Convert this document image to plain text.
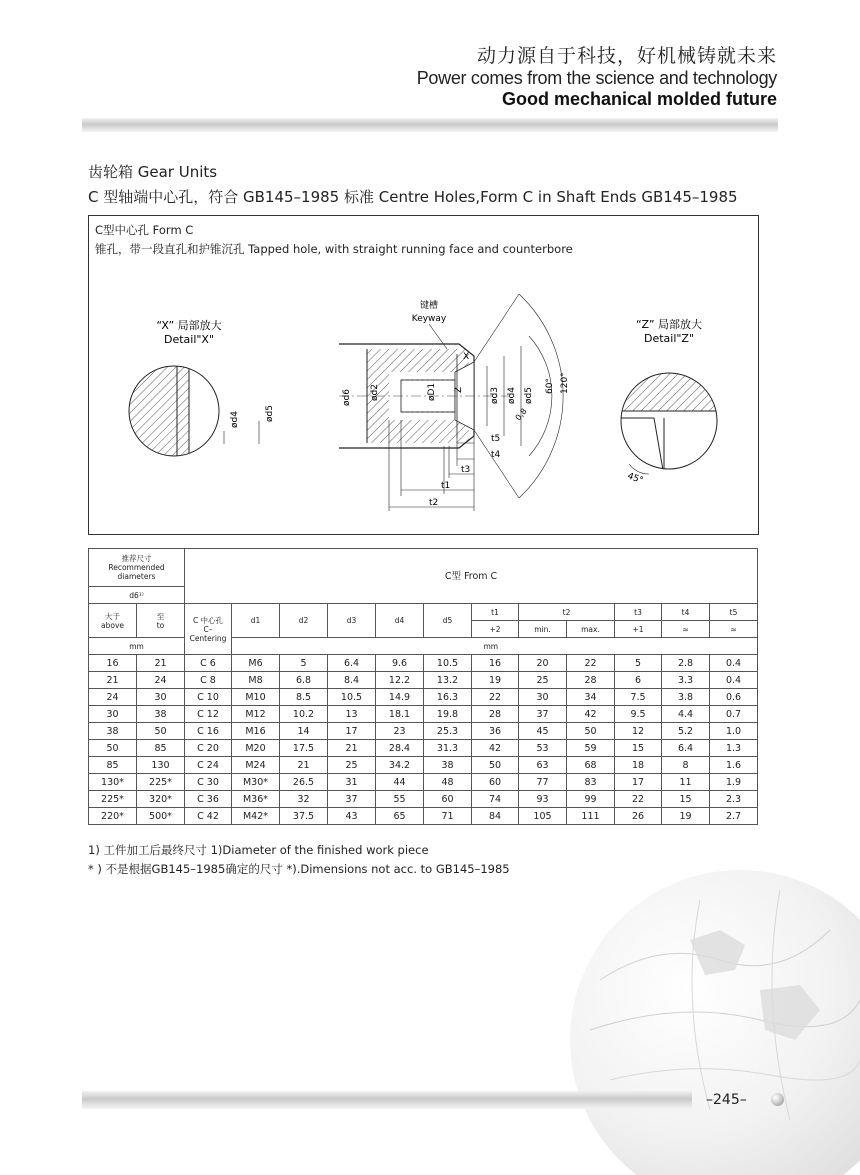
动力源自于科技，好机械铸就未来
Power comes from the science and technology
Good mechanical molded future
齿轮箱 Gear Units
C 型轴端中心孔，符合 GB145–1985 标准 Centre Holes,Form C in Shaft Ends GB145–1985
C型中心孔 Form C
锥孔，带一段直孔和护锥沉孔 Tapped hole, with straight running face and counterbore
“X” 局部放大
Detail"X"
ød4	ød5
键槽
Keyway
ød6 ød2	øD1
X
Z	ød3 ød4 ød5
60° 120°
0,8
t5
t4
t3
t1
t2
“Z” 局部放大
Detail"Z"
45°
推荐尺寸
Recommended
diameters		C型 From C											
d6¹⁾													
大于
above	至
to	C 中心孔
C–
Centering	d1	d2	d3	d4	d5	t1	t2		t3	t4	t5
								+2	min.	max.	+1	≈	≈
mm								mm					
16	21	C 6	M6	5	6.4	9.6	10.5	16	20	22	5	2.8	0.4
21	24	C 8	M8	6.8	8.4	12.2	13.2	19	25	28	6	3.3	0.4
24	30	C 10	M10	8.5	10.5	14.9	16.3	22	30	34	7.5	3.8	0.6
30	38	C 12	M12	10.2	13	18.1	19.8	28	37	42	9.5	4.4	0.7
38	50	C 16	M16	14	17	23	25.3	36	45	50	12	5.2	1.0
50	85	C 20	M20	17.5	21	28.4	31.3	42	53	59	15	6.4	1.3
85	130	C 24	M24	21	25	34.2	38	50	63	68	18	8	1.6
130*	225*	C 30	M30*	26.5	31	44	48	60	77	83	17	11	1.9
225*	320*	C 36	M36*	32	37	55	60	74	93	99	22	15	2.3
220*	500*	C 42	M42*	37.5	43	65	71	84	105	111	26	19	2.7
1) 工件加工后最终尺寸 1)Diameter of the finished work piece
* ) 不是根据GB145–1985确定的尺寸 *).Dimensions not acc. to GB145–1985
–245–
